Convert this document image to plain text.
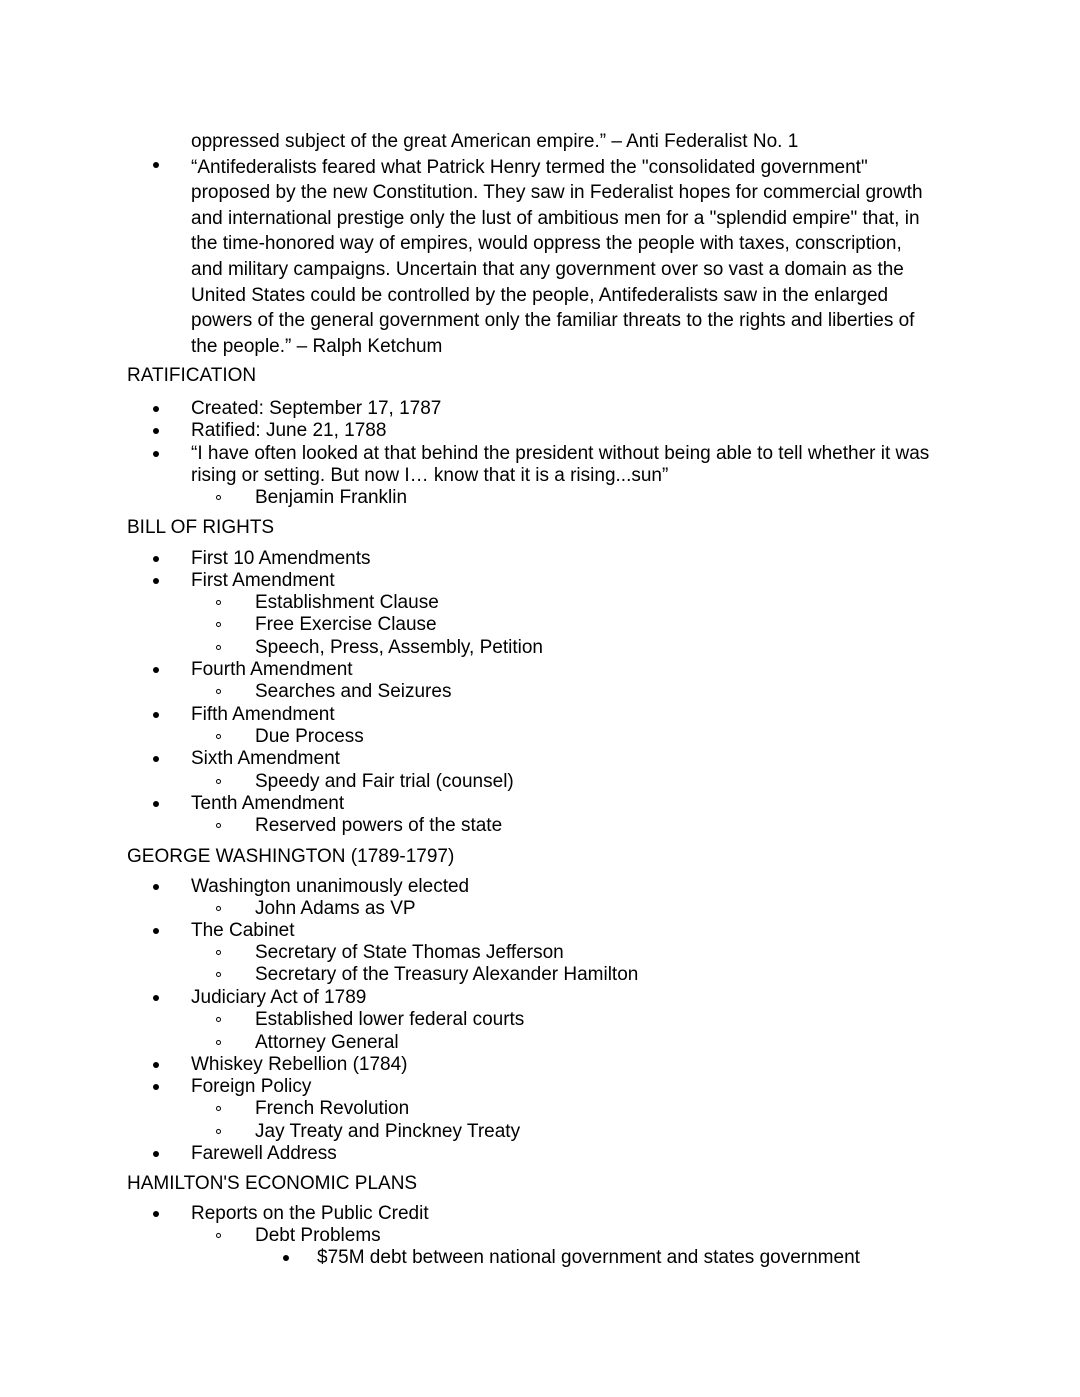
oppressed subject of the great American empire.” – Anti Federalist No. 1
“Antifederalists feared what Patrick Henry termed the "consolidated government"
proposed by the new Constitution. They saw in Federalist hopes for commercial growth
and international prestige only the lust of ambitious men for a "splendid empire" that, in
the time-honored way of empires, would oppress the people with taxes, conscription,
and military campaigns. Uncertain that any government over so vast a domain as the
United States could be controlled by the people, Antifederalists saw in the enlarged
powers of the general government only the familiar threats to the rights and liberties of
the people.” – Ralph Ketchum
RATIFICATION
Created: September 17, 1787
Ratified: June 21, 1788
“I have often looked at that behind the president without being able to tell whether it was
rising or setting. But now I… know that it is a rising...sun”
Benjamin Franklin
BILL OF RIGHTS
First 10 Amendments
First Amendment
Establishment Clause
Free Exercise Clause
Speech, Press, Assembly, Petition
Fourth Amendment
Searches and Seizures
Fifth Amendment
Due Process
Sixth Amendment
Speedy and Fair trial (counsel)
Tenth Amendment
Reserved powers of the state
GEORGE WASHINGTON (1789-1797)
Washington unanimously elected
John Adams as VP
The Cabinet
Secretary of State Thomas Jefferson
Secretary of the Treasury Alexander Hamilton
Judiciary Act of 1789
Established lower federal courts
Attorney General
Whiskey Rebellion (1784)
Foreign Policy
French Revolution
Jay Treaty and Pinckney Treaty
Farewell Address
HAMILTON'S ECONOMIC PLANS
Reports on the Public Credit
Debt Problems
$75M debt between national government and states government
